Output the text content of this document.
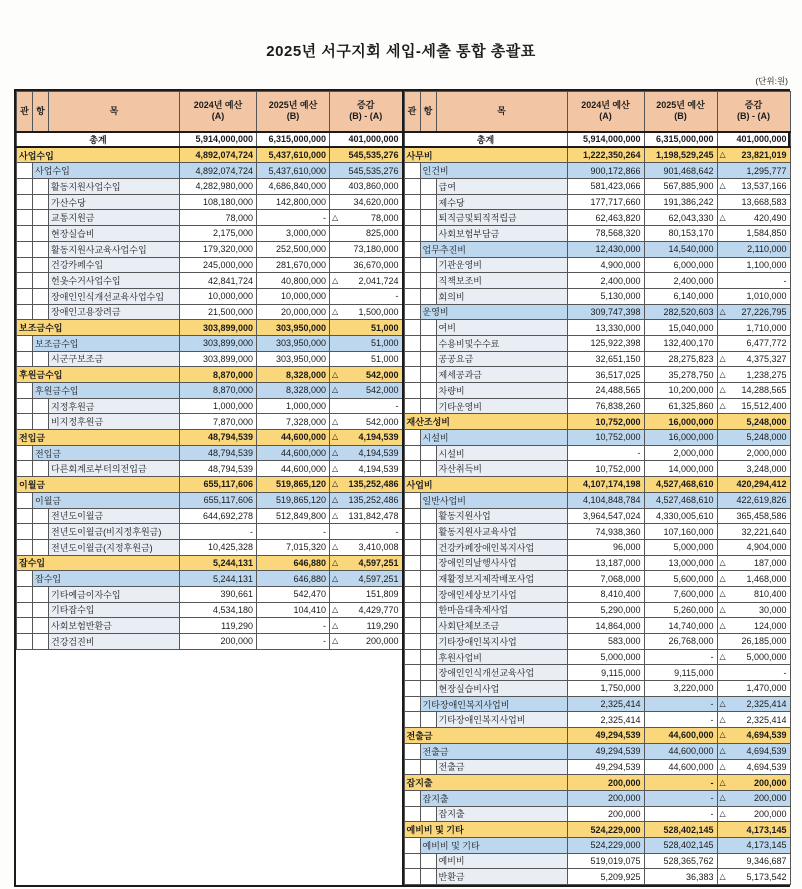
2025년 서구지회 세입-세출 통합 총괄표
(단위:원)
관	항	목	
2024년 예산
(A)

2025년 예산
(B)

증감
(B) - (A)

총계			5,914,000,000	6,315,000,000	401,000,000
사업수입			4,892,074,724	5,437,610,000	545,535,276
	사업수입		4,892,074,724	5,437,610,000	545,535,276
		활동지원사업수입	4,282,980,000	4,686,840,000	403,860,000
		가산수당	108,180,000	142,800,000	34,620,000
		교통지원금	78,000	-	△ 78,000
		현장실습비	2,175,000	3,000,000	825,000
		활동지원사교육사업수입	179,320,000	252,500,000	73,180,000
		건강카페수입	245,000,000	281,670,000	36,670,000
		헌옷수거사업수입	42,841,724	40,800,000	△ 2,041,724
		장애인인식개선교육사업수입	10,000,000	10,000,000	-
		장애인고용장려금	21,500,000	20,000,000	△ 1,500,000
보조금수입			303,899,000	303,950,000	51,000
	보조금수입		303,899,000	303,950,000	51,000
		시군구보조금	303,899,000	303,950,000	51,000
후원금수입			8,870,000	8,328,000	△ 542,000
	후원금수입		8,870,000	8,328,000	△ 542,000
		지정후원금	1,000,000	1,000,000	-
		비지정후원금	7,870,000	7,328,000	△ 542,000
전입금			48,794,539	44,600,000	△ 4,194,539
	전입금		48,794,539	44,600,000	△ 4,194,539
		다른회계로부터의전입금	48,794,539	44,600,000	△ 4,194,539
이월금			655,117,606	519,865,120	△ 135,252,486
	이월금		655,117,606	519,865,120	△ 135,252,486
		전년도이월금	644,692,278	512,849,800	△ 131,842,478
		전년도이월금(비지정후원금)	-	-	-
		전년도이월금(지정후원금)	10,425,328	7,015,320	△ 3,410,008
잡수입			5,244,131	646,880	△ 4,597,251
	잡수입		5,244,131	646,880	△ 4,597,251
		기타예금이자수입	390,661	542,470	151,809
		기타잡수입	4,534,180	104,410	△ 4,429,770
		사회보험반환금	119,290	-	△ 119,290
		건강검진비	200,000	-	△ 200,000

관	항	목	
2024년 예산
(A)

2025년 예산
(B)

증감
(B) - (A)

총계			5,914,000,000	6,315,000,000	401,000,000
사무비			1,222,350,264	1,198,529,245	△ 23,821,019
	인건비		900,172,866	901,468,642	1,295,777
		급여	581,423,066	567,885,900	△ 13,537,166
		제수당	177,717,660	191,386,242	13,668,583
		퇴직금및퇴직적립금	62,463,820	62,043,330	△ 420,490
		사회보험부담금	78,568,320	80,153,170	1,584,850
	업무추진비		12,430,000	14,540,000	2,110,000
		기관운영비	4,900,000	6,000,000	1,100,000
		직책보조비	2,400,000	2,400,000	-
		회의비	5,130,000	6,140,000	1,010,000
	운영비		309,747,398	282,520,603	△ 27,226,795
		여비	13,330,000	15,040,000	1,710,000
		수용비및수수료	125,922,398	132,400,170	6,477,772
		공공요금	32,651,150	28,275,823	△ 4,375,327
		제세공과금	36,517,025	35,278,750	△ 1,238,275
		차량비	24,488,565	10,200,000	△ 14,288,565
		기타운영비	76,838,260	61,325,860	△ 15,512,400
재산조성비			10,752,000	16,000,000	5,248,000
	시설비		10,752,000	16,000,000	5,248,000
		시설비	-	2,000,000	2,000,000
		자산취득비	10,752,000	14,000,000	3,248,000
사업비			4,107,174,198	4,527,468,610	420,294,412
	일반사업비		4,104,848,784	4,527,468,610	422,619,826
		활동지원사업	3,964,547,024	4,330,005,610	365,458,586
		활동지원사교육사업	74,938,360	107,160,000	32,221,640
		건강카페장애인복지사업	96,000	5,000,000	4,904,000
		장애인의날행사사업	13,187,000	13,000,000	△ 187,000
		재활정보지제작배포사업	7,068,000	5,600,000	△ 1,468,000
		장애인세상보기사업	8,410,400	7,600,000	△ 810,400
		한마음대축제사업	5,290,000	5,260,000	△ 30,000
		사회단체보조금	14,864,000	14,740,000	△ 124,000
		기타장애인복지사업	583,000	26,768,000	26,185,000
		후원사업비	5,000,000	-	△ 5,000,000
		장애인인식개선교육사업	9,115,000	9,115,000	-
		현장실습비사업	1,750,000	3,220,000	1,470,000
	기타장애인복지사업비		2,325,414	-	△ 2,325,414
		기타장애인복지사업비	2,325,414	-	△ 2,325,414
전출금			49,294,539	44,600,000	△ 4,694,539
	전출금		49,294,539	44,600,000	△ 4,694,539
		전출금	49,294,539	44,600,000	△ 4,694,539
잡지출			200,000	-	△ 200,000
	잡지출		200,000	-	△ 200,000
		잡지출	200,000	-	△ 200,000
예비비 및 기타			524,229,000	528,402,145	4,173,145
	예비비 및 기타		524,229,000	528,402,145	4,173,145
		예비비	519,019,075	528,365,762	9,346,687
		반환금	5,209,925	36,383	△ 5,173,542
